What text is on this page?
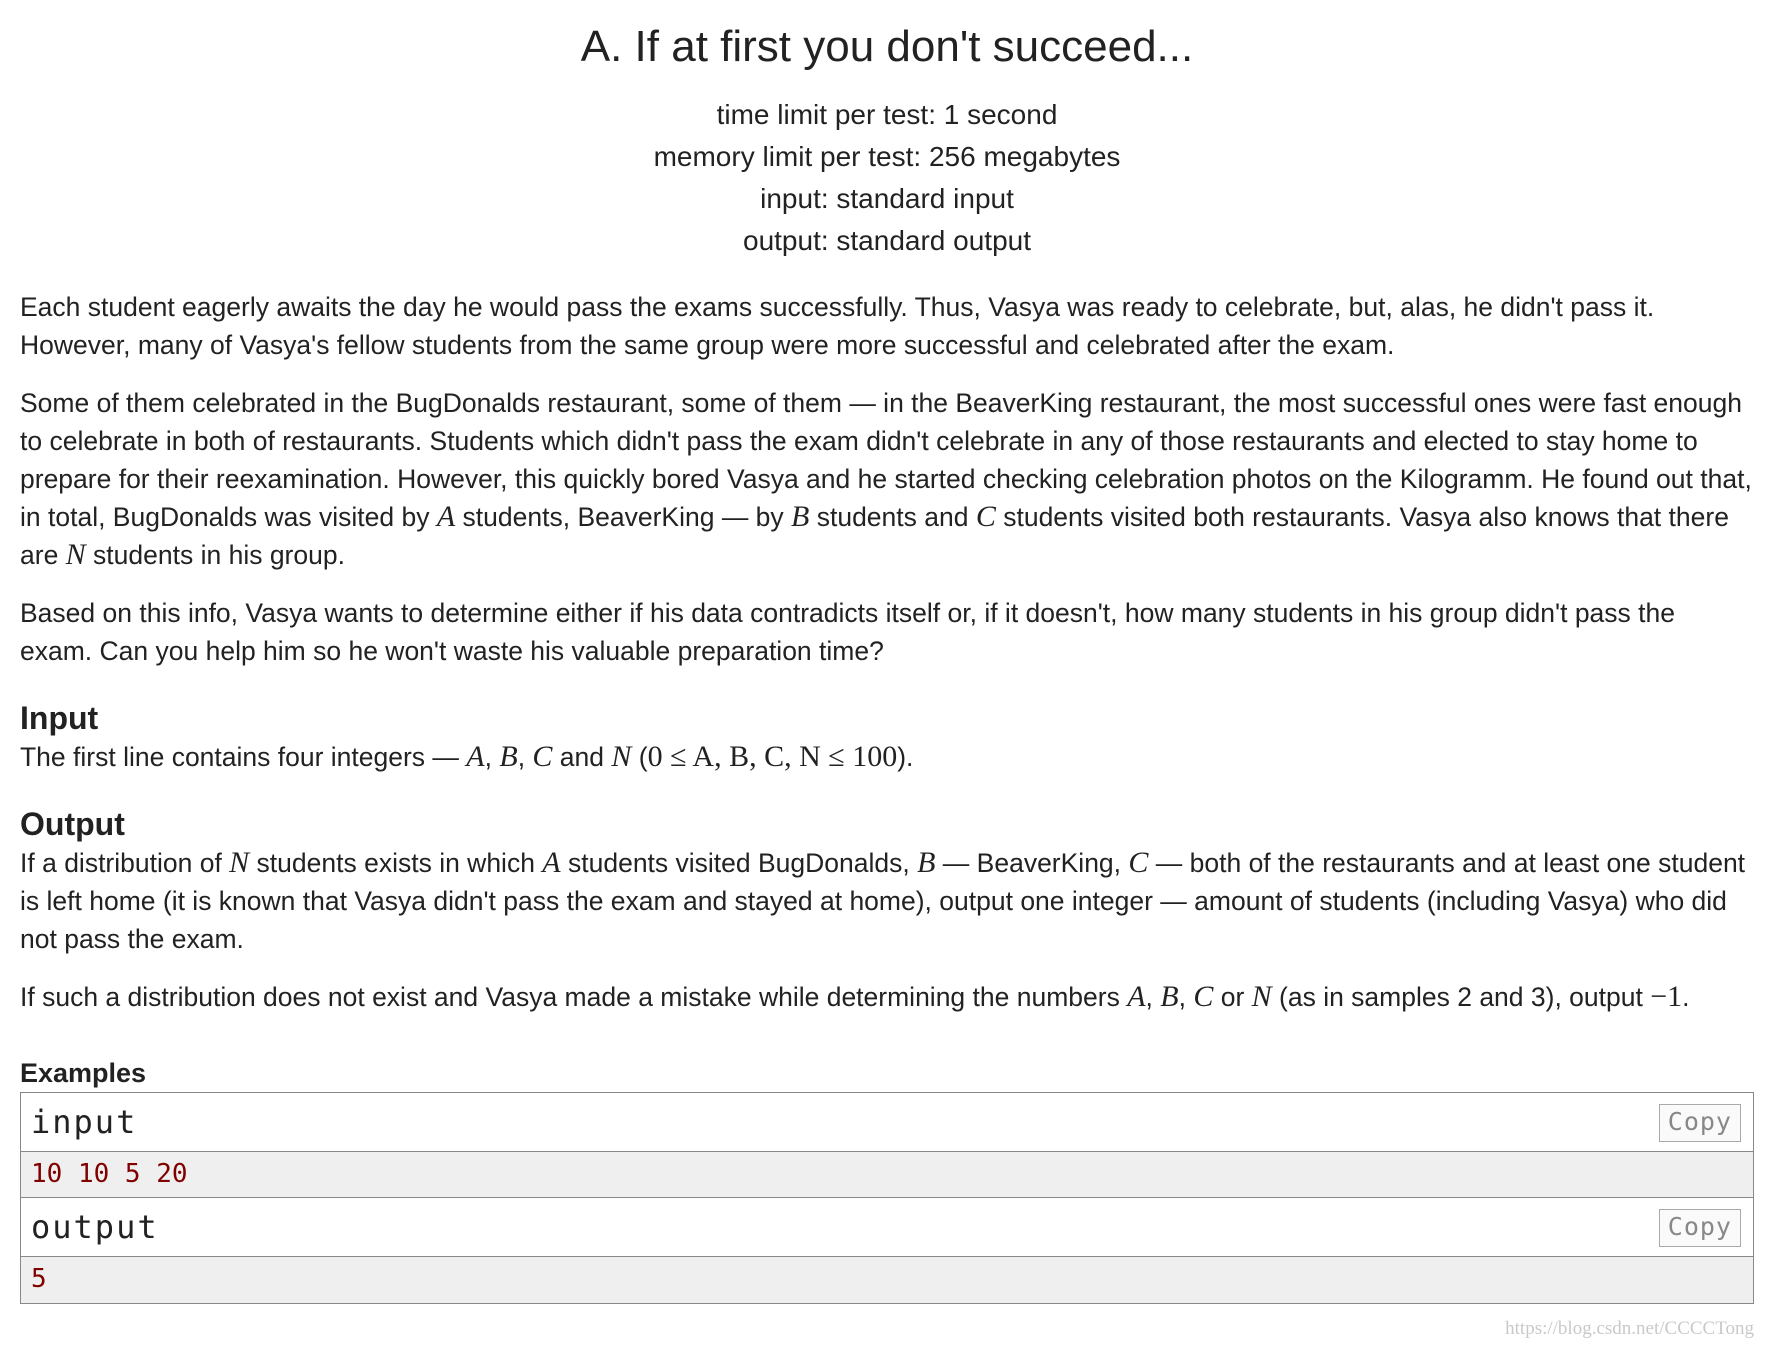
A. If at first you don't succeed...
time limit per test: 1 second
memory limit per test: 256 megabytes
input: standard input
output: standard output

Each student eagerly awaits the day he would pass the exams successfully. Thus, Vasya was ready to celebrate, but, alas, he didn't pass it. However, many of Vasya's fellow students from the same group were more successful and celebrated after the exam.

Some of them celebrated in the BugDonalds restaurant, some of them — in the BeaverKing restaurant, the most successful ones were fast enough to celebrate in both of restaurants. Students which didn't pass the exam didn't celebrate in any of those restaurants and elected to stay home to prepare for their reexamination. However, this quickly bored Vasya and he started checking celebration photos on the Kilogramm. He found out that, in total, BugDonalds was visited by A students, BeaverKing — by B students and C students visited both restaurants. Vasya also knows that there are N students in his group.

Based on this info, Vasya wants to determine either if his data contradicts itself or, if it doesn't, how many students in his group didn't pass the exam. Can you help him so he won't waste his valuable preparation time?

Input

The first line contains four integers — A, B, C and N (0 ≤ A, B, C, N ≤ 100).

Output

If a distribution of N students exists in which A students visited BugDonalds, B — BeaverKing, C — both of the restaurants and at least one student is left home (it is known that Vasya didn't pass the exam and stayed at home), output one integer — amount of students (including Vasya) who did not pass the exam.

If such a distribution does not exist and Vasya made a mistake while determining the numbers A, B, C or N (as in samples 2 and 3), output −1.

Examples
input	Copy
10 10 5 20
output	Copy
5
https://blog.csdn.net/CCCCTong
